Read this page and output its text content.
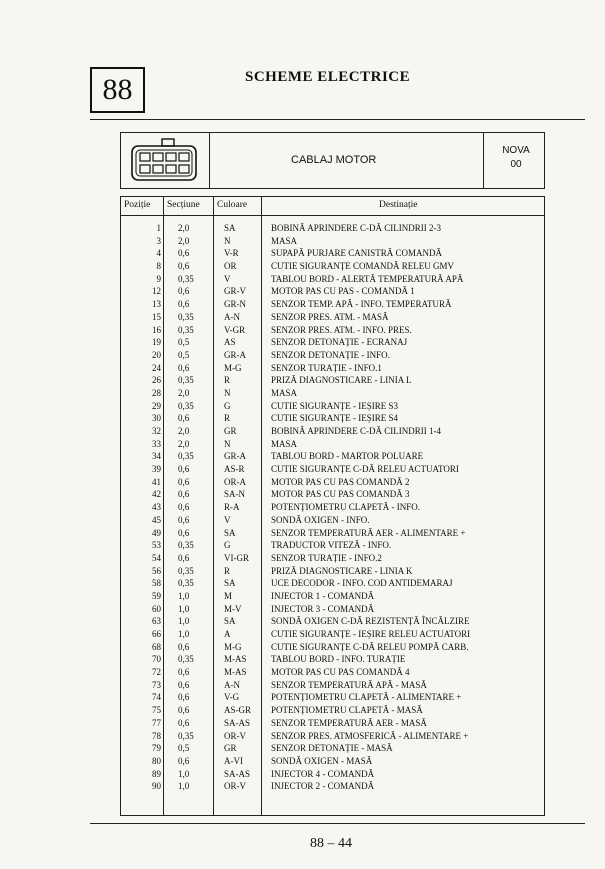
88	SCHEME ELECTRICE
CABLAJ MOTOR
NOVA
00
Poziție Secțiune Culoare	Destinație
1 2,0	SA	BOBINĂ APRINDERE C-DĂ CILINDRII 2-3
3 2,0	N	MASA
4 0,6	V-R	SUPAPĂ PURJARE CANISTRĂ COMANDĂ
8 0,6	OR	CUTIE SIGURANȚE COMANDĂ RELEU GMV
9 0,35	V	TABLOU BORD - ALERTĂ TEMPERATURĂ APĂ
12 0,6	GR-V	MOTOR PAS CU PAS - COMANDĂ 1
13 0,6	GR-N	SENZOR TEMP. APĂ - INFO. TEMPERATURĂ
15 0,35	A-N	SENZOR PRES. ATM. - MASĂ
16 0,35	V-GR	SENZOR PRES. ATM. - INFO. PRES.
19 0,5	AS	SENZOR DETONAȚIE - ECRANAJ
20 0,5	GR-A	SENZOR DETONAȚIE - INFO.
24 0,6	M-G	SENZOR TURAȚIE - INFO.1
26 0,35	R	PRIZĂ DIAGNOSTICARE - LINIA L
28 2,0	N	MASA
29 0,35	G	CUTIE SIGURANȚE - IEȘIRE S3
30 0,6	R	CUTIE SIGURANȚE - IEȘIRE S4
32 2,0	GR	BOBINĂ APRINDERE C-DĂ CILINDRII 1-4
33 2,0	N	MASA
34 0,35	GR-A	TABLOU BORD - MARTOR POLUARE
39 0,6	AS-R	CUTIE SIGURANȚE C-DĂ RELEU ACTUATORI
41 0,6	OR-A	MOTOR PAS CU PAS COMANDĂ 2
42 0,6	SA-N	MOTOR PAS CU PAS COMANDĂ 3
43 0,6	R-A	POTENȚIOMETRU CLAPETĂ - INFO.
45 0,6	V	SONDĂ OXIGEN - INFO.
49 0,6	SA	SENZOR TEMPERATURĂ AER - ALIMENTARE +
53 0,35	G	TRADUCTOR VITEZĂ - INFO.
54 0,6	VI-GR SENZOR TURAȚIE - INFO.2
56 0,35	R	PRIZĂ DIAGNOSTICARE - LINIA K
58 0,35	SA	UCE DECODOR - INFO. COD ANTIDEMARAJ
59 1,0	M	INJECTOR 1 - COMANDĂ
60 1,0	M-V	INJECTOR 3 - COMANDĂ
63 1,0	SA	SONDĂ OXIGEN C-DĂ REZISTENȚĂ ÎNCĂLZIRE
66 1,0	A	CUTIE SIGURANȚE - IEȘIRE RELEU ACTUATORI
68 0,6	M-G	CUTIE SIGURANȚE C-DĂ RELEU POMPĂ CARB.
70 0,35	M-AS	TABLOU BORD - INFO. TURAȚIE
72 0,6	M-AS	MOTOR PAS CU PAS COMANDĂ 4
73 0,6	A-N	SENZOR TEMPERATURĂ APĂ - MASĂ
74 0,6	V-G	POTENȚIOMETRU CLAPETĂ - ALIMENTARE +
75 0,6	AS-GR POTENȚIOMETRU CLAPETĂ - MASĂ
77 0,6	SA-AS SENZOR TEMPERATURĂ AER - MASĂ
78 0,35	OR-V	SENZOR PRES. ATMOSFERICĂ - ALIMENTARE +
79 0,5	GR	SENZOR DETONAȚIE - MASĂ
80 0,6	A-VI	SONDĂ OXIGEN - MASĂ
89 1,0	SA-AS INJECTOR 4 - COMANDĂ
90 1,0	OR-V	INJECTOR 2 - COMANDĂ
88 – 44
